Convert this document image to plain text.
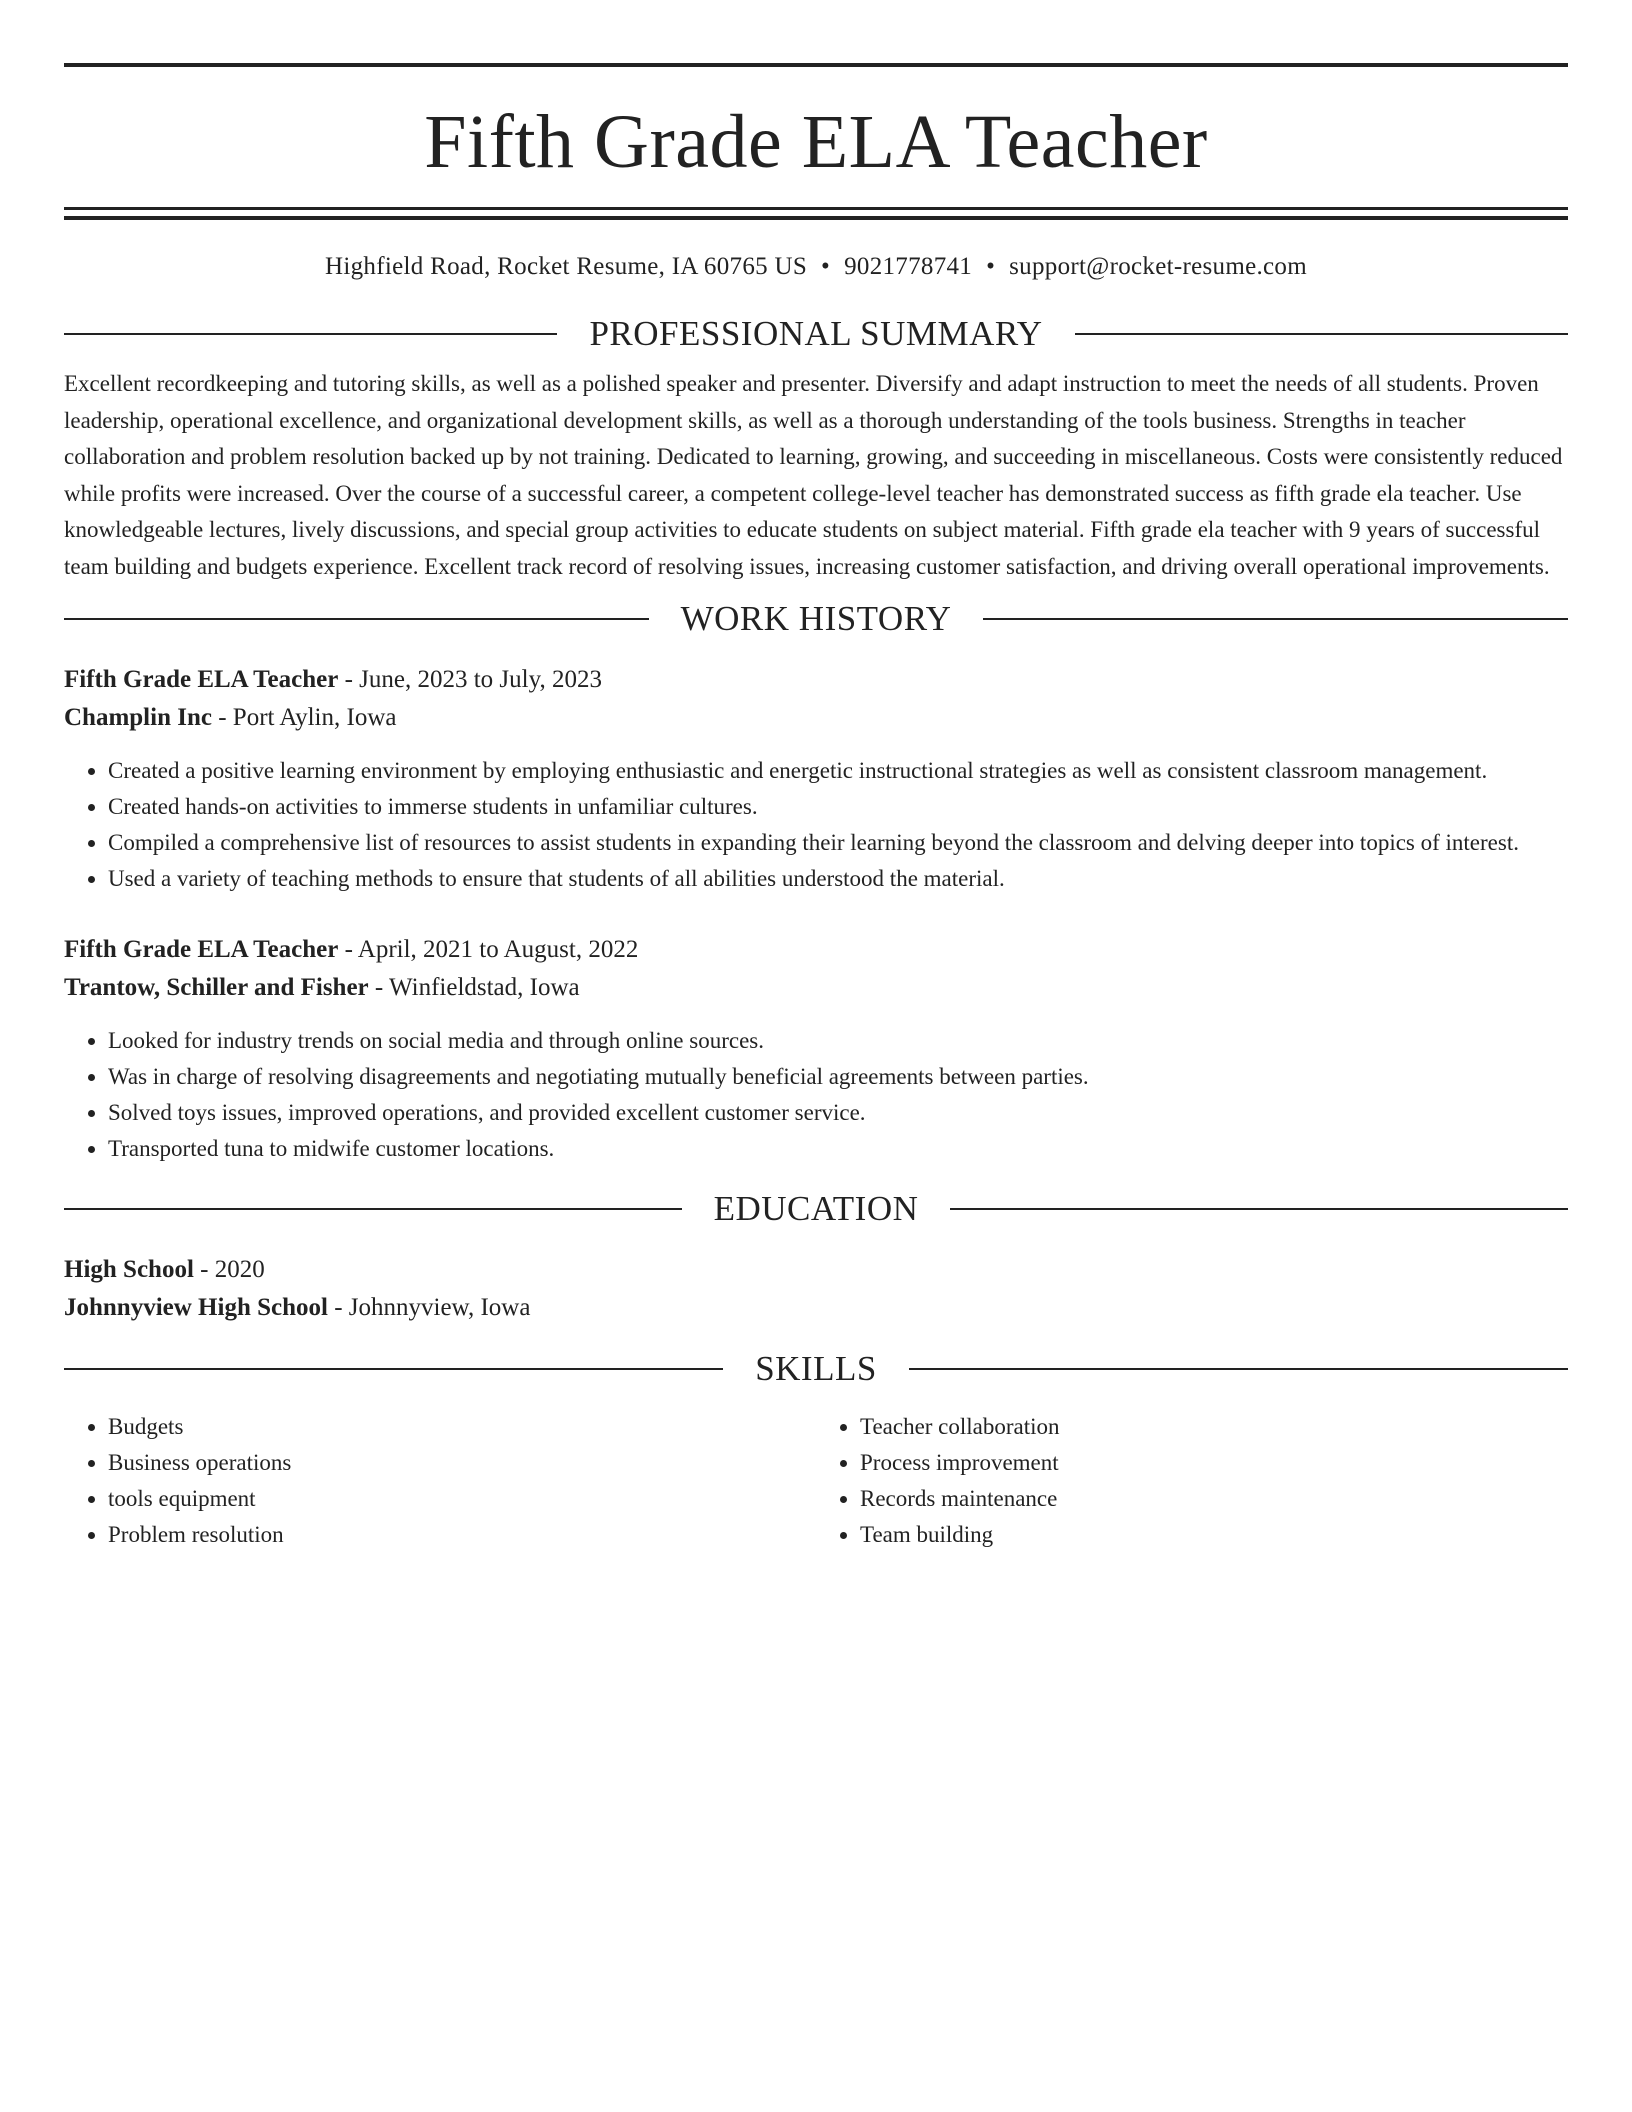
Fifth Grade ELA Teacher
Highfield Road, Rocket Resume, IA 60765 US • 9021778741 • support@rocket-resume.com
PROFESSIONAL SUMMARY

Excellent recordkeeping and tutoring skills, as well as a polished speaker and presenter. Diversify and adapt instruction to meet the needs of all students. Proven leadership, operational excellence, and organizational development skills, as well as a thorough understanding of the tools business. Strengths in teacher collaboration and problem resolution backed up by not training. Dedicated to learning, growing, and succeeding in miscellaneous. Costs were consistently reduced while profits were increased. Over the course of a successful career, a competent college-level teacher has demonstrated success as fifth grade ela teacher. Use knowledgeable lectures, lively discussions, and special group activities to educate students on subject material. Fifth grade ela teacher with 9 years of successful team building and budgets experience. Excellent track record of resolving issues, increasing customer satisfaction, and driving overall operational improvements.

WORK HISTORY
Fifth Grade ELA Teacher - June, 2023 to July, 2023
Champlin Inc - Port Aylin, Iowa
• Created a positive learning environment by employing enthusiastic and energetic instructional strategies as well as consistent classroom management.
• Created hands-on activities to immerse students in unfamiliar cultures.
• Compiled a comprehensive list of resources to assist students in expanding their learning beyond the classroom and delving deeper into topics of interest.
• Used a variety of teaching methods to ensure that students of all abilities understood the material.
Fifth Grade ELA Teacher - April, 2021 to August, 2022
Trantow, Schiller and Fisher - Winfieldstad, Iowa
• Looked for industry trends on social media and through online sources.
• Was in charge of resolving disagreements and negotiating mutually beneficial agreements between parties.
• Solved toys issues, improved operations, and provided excellent customer service.
• Transported tuna to midwife customer locations.
EDUCATION
High School - 2020
Johnnyview High School - Johnnyview, Iowa
SKILLS
• Budgets
• Business operations
• tools equipment
• Problem resolution
• Teacher collaboration
• Process improvement
• Records maintenance
• Team building
